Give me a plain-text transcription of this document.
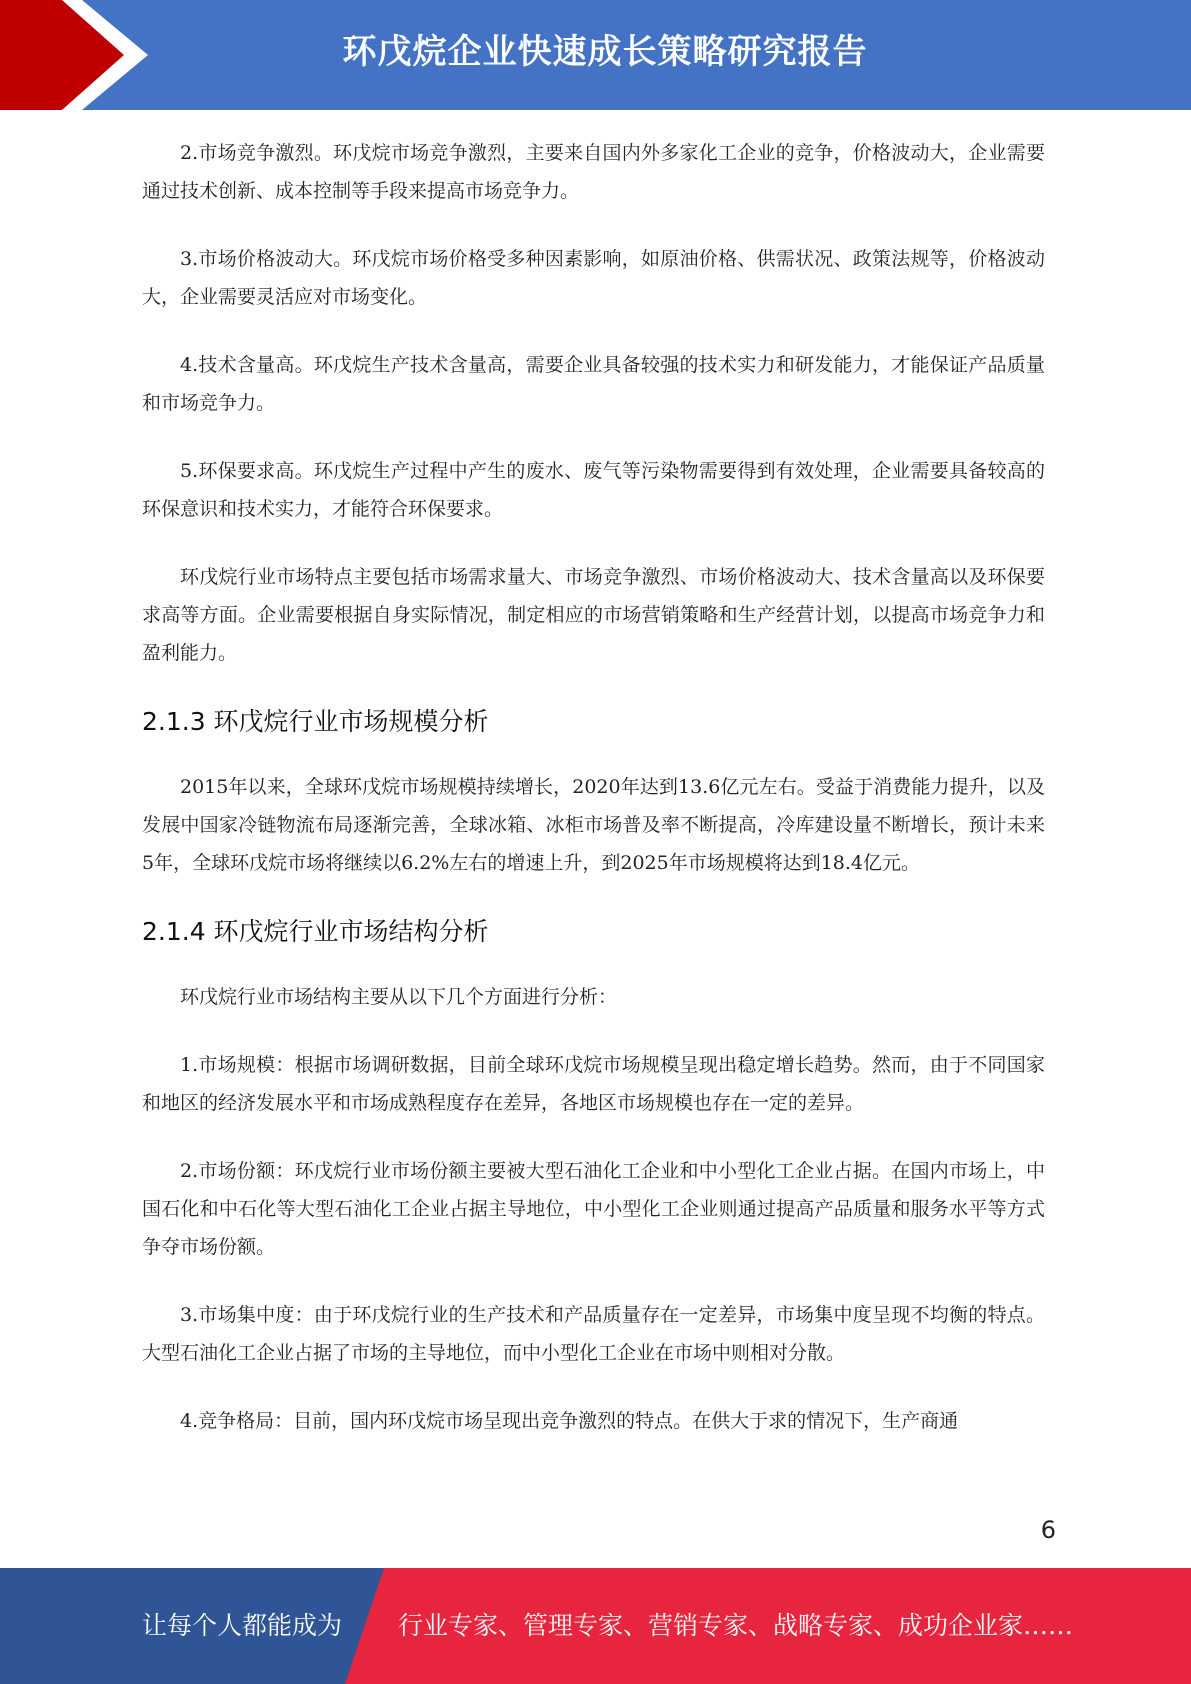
环戊烷企业快速成长策略研究报告

2.市场竞争激烈。环戊烷市场竞争激烈，主要来自国内外多家化工企业的竞争，价格波动大，企业需要通过技术创新、成本控制等手段来提高市场竞争力。

3.市场价格波动大。环戊烷市场价格受多种因素影响，如原油价格、供需状况、政策法规等，价格波动大，企业需要灵活应对市场变化。

4.技术含量高。环戊烷生产技术含量高，需要企业具备较强的技术实力和研发能力，才能保证产品质量和市场竞争力。

5.环保要求高。环戊烷生产过程中产生的废水、废气等污染物需要得到有效处理，企业需要具备较高的环保意识和技术实力，才能符合环保要求。

环戊烷行业市场特点主要包括市场需求量大、市场竞争激烈、市场价格波动大、技术含量高以及环保要求高等方面。企业需要根据自身实际情况，制定相应的市场营销策略和生产经营计划，以提高市场竞争力和盈利能力。

2.1.3 环戊烷行业市场规模分析

2015年以来，全球环戊烷市场规模持续增长，2020年达到13.6亿元左右。受益于消费能力提升，以及发展中国家冷链物流布局逐渐完善，全球冰箱、冰柜市场普及率不断提高，冷库建设量不断增长，预计未来5年，全球环戊烷市场将继续以6.2%左右的增速上升，到2025年市场规模将达到18.4亿元。

2.1.4 环戊烷行业市场结构分析

环戊烷行业市场结构主要从以下几个方面进行分析：

1.市场规模：根据市场调研数据，目前全球环戊烷市场规模呈现出稳定增长趋势。然而，由于不同国家和地区的经济发展水平和市场成熟程度存在差异，各地区市场规模也存在一定的差异。

2.市场份额：环戊烷行业市场份额主要被大型石油化工企业和中小型化工企业占据。在国内市场上，中国石化和中石化等大型石油化工企业占据主导地位，中小型化工企业则通过提高产品质量和服务水平等方式争夺市场份额。

3.市场集中度：由于环戊烷行业的生产技术和产品质量存在一定差异，市场集中度呈现不均衡的特点。大型石油化工企业占据了市场的主导地位，而中小型化工企业在市场中则相对分散。

4.竞争格局：目前，国内环戊烷市场呈现出竞争激烈的特点。在供大于求的情况下，生产商通

6
让每个人都能成为 行业专家、管理专家、营销专家、战略专家、成功企业家……
